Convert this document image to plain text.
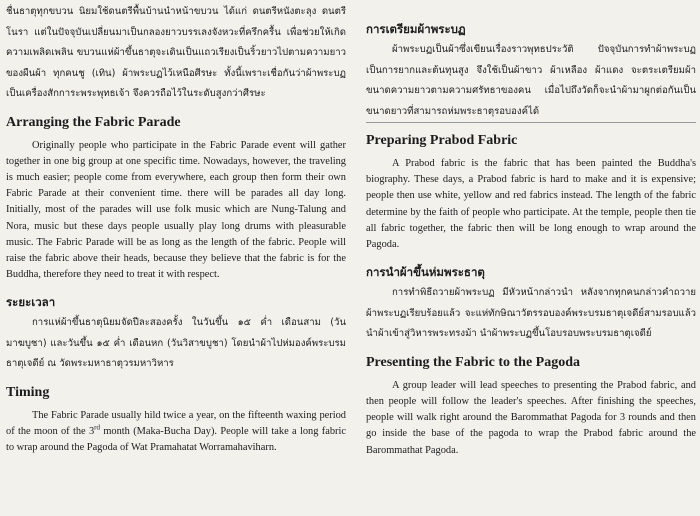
ชื่นธาตุทุกขบวน นิยมใช้ดนตรีพื้นบ้านนำหน้าขบวน ได้แก่ ดนตรีหนังตะลุง ดนตรีโนรา แต่ในปัจจุบันเปลี่ยนมาเป็นกลองยาวบรรเลงจังหวะที่ครึกครื้น เพื่อช่วยให้เกิดความเพลิดเพลิน ขบวนแห่ผ้าขึ้นธาตุจะเดินเป็นแถวเรียงเป็นริ้วยาวไปตามความยาวของผืนผ้า ทุกคนชู (เทิน) ผ้าพระบฏไว้เหนือศีรษะ ทั้งนี้เพราะเชื่อกันว่าผ้าพระบฏเป็นเครื่องสักการะพระพุทธเจ้า จึงควรถือไว้ในระดับสูงกว่าศีรษะ

Arranging the Fabric Parade

Originally people who participate in the Fabric Parade event will gather together in one big group at one specific time. Nowadays, however, the traveling is much easier; people come from everywhere, each group then form their own Fabric Parade at their convenient time. there will be parades all day long. Initially, most of the parades will use folk music which are Nung-Talung and Nora, music but these days people usually play long drums with pleasurable music. The Fabric Parade will be as long as the length of the fabric. People will raise the fabric above their heads, because they believe that the fabric is for the Buddha, therefore they need to treat it with respect.

ระยะเวลา

การแห่ผ้าขึ้นธาตุนิยมจัดปีละสองครั้ง ในวันขึ้น ๑๕ ค่ำ เดือนสาม (วันมาฆบูชา) และวันขึ้น ๑๕ ค่ำ เดือนหก (วันวิสาขบูชา) โดยนำผ้าไปห่มองค์พระบรมธาตุเจดีย์ ณ วัดพระมหาธาตุวรมหาวิหาร

Timing

The Fabric Parade usually hild twice a year, on the fifteenth waxing period of the moon of the 3rd month (Maka-Bucha Day). People will take a long fabric to wrap around the Pagoda of Wat Pramahatat Worramahaviharn.

การเตรียมผ้าพระบฏ

ผ้าพระบฏเป็นผ้าซึ่งเขียนเรื่องราวพุทธประวัติ ปัจจุบันการทำผ้าพระบฏเป็นการยากและต้นทุนสูง จึงใช้เป็นผ้าขาว ผ้าเหลือง ผ้าแดง จะตระเตรียมผ้าขนาดความยาวตามความศรัทธาของคน เมื่อไปถึงวัดก็จะนำผ้ามาผูกต่อกันเป็นขนาดยาวที่สามารถห่มพระธาตุรอบองค์ได้

Preparing Prabod Fabric

A Prabod fabric is the fabric that has been painted the Buddha's biography. These days, a Prabod fabric is hard to make and it is expensive; people then use white, yellow and red fabrics instead. The length of the fabric determine by the faith of people who participate. At the temple, people then tie all fabric together, the fabric then will be long enough to wrap around the Pagoda.

การนำผ้าขึ้นห่มพระธาตุ

การทำพิธีถวายผ้าพระบฏ มีหัวหน้ากล่าวนำ หลังจากทุกคนกล่าวคำถวายผ้าพระบฏเรียบร้อยแล้ว จะแห่ทักษิณาวัตรรอบองค์พระบรมธาตุเจดีย์สามรอบแล้วนำผ้าเข้าสู่วิหารพระทรงม้า นำผ้าพระบฏขึ้นโอบรอบพระบรมธาตุเจดีย์

Presenting the Fabric to the Pagoda

A group leader will lead speeches to presenting the Prabod fabric, and then people will follow the leader's speeches. After finishing the speeches, people will walk right around the Barommathat Pagoda for 3 rounds and then go inside the base of the pagoda to wrap the Prabod fabric around the Barommathat Pagoda.
